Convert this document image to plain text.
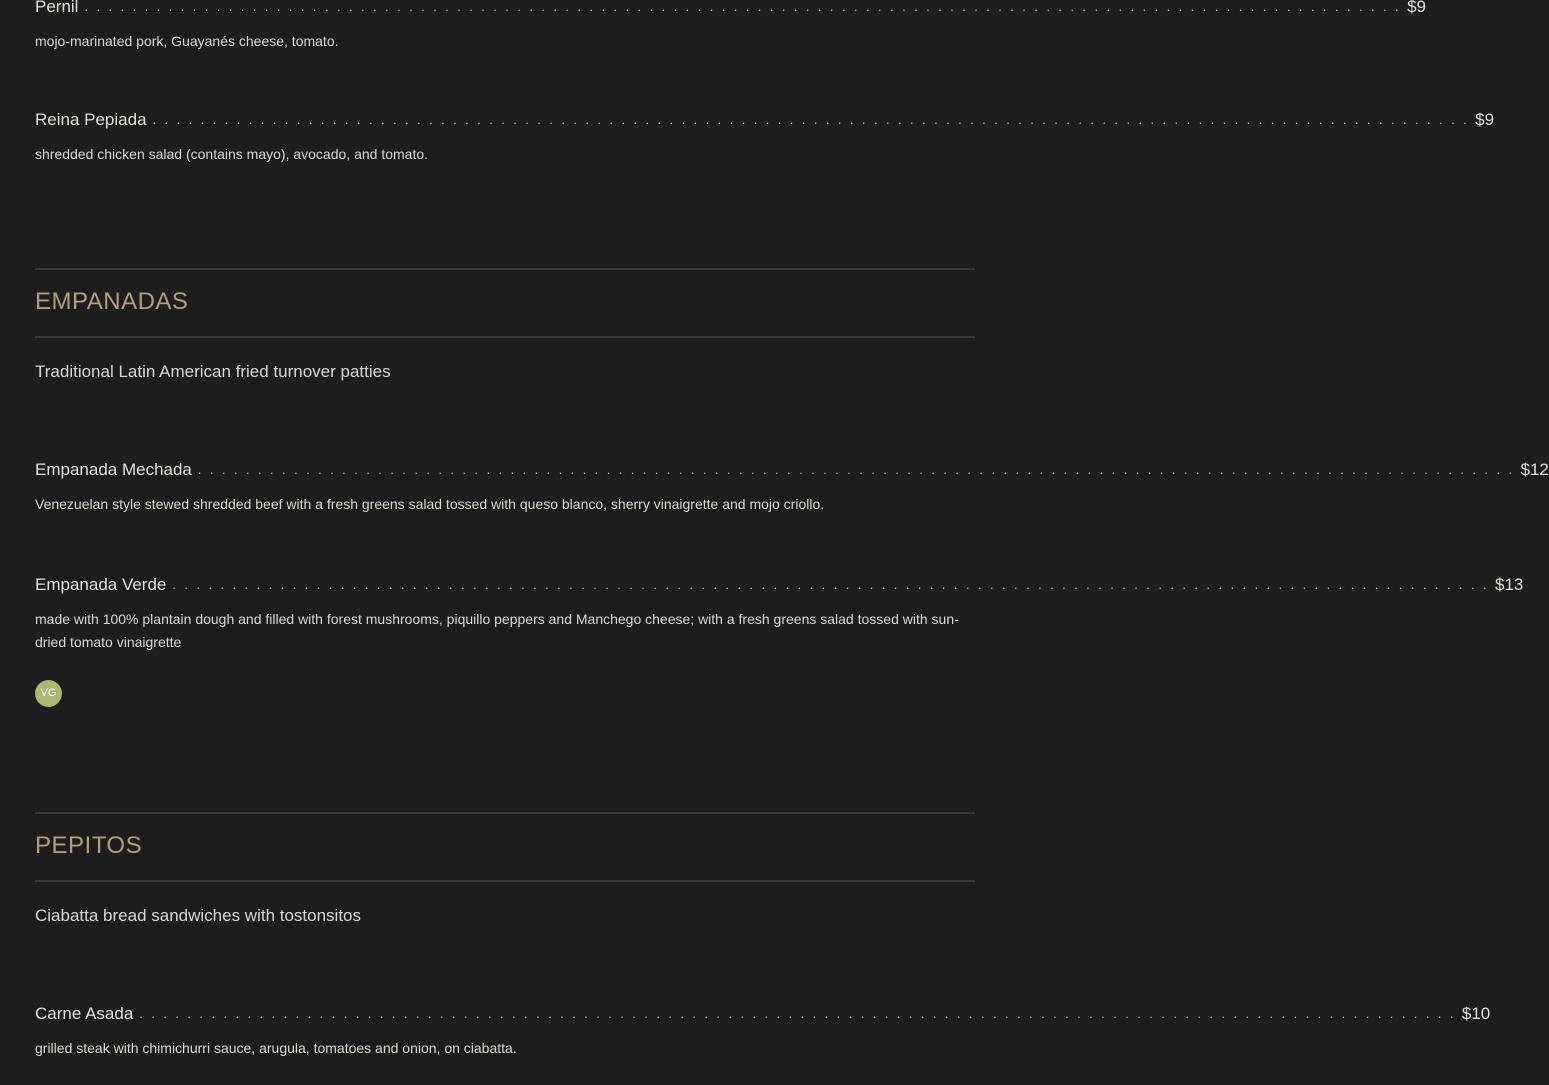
Pernil . . . . . . . . . . . . . . . . . . . . . . . . . . . . . . . . . . . . . . . . . . . . . . . . . . . . . . . . . . . . . . . . . . . . . . . . . . . . . . . . . . . . . . . . . . . . . . . . . . . . . . . . . . . . . . $9
mojo-marinated pork, Guayanés cheese, tomato.
Reina Pepiada . . . . . . . . . . . . . . . . . . . . . . . . . . . . . . . . . . . . . . . . . . . . . . . . . . . . . . . . . . . . . . . . . . . . . . . . . . . . . . . . . . . . . . . . . . . . . . . . . . . . . . . . . . . . . . $9
shredded chicken salad (contains mayo), avocado, and tomato.
EMPANADAS
Traditional Latin American fried turnover patties
Empanada Mechada . . . . . . . . . . . . . . . . . . . . . . . . . . . . . . . . . . . . . . . . . . . . . . . . . . . . . . . . . . . . . . . . . . . . . . . . . . . . . . . . . . . . . . . . . . . . . . . . . . . . . . . . . . . . . . $12
Venezuelan style stewed shredded beef with a fresh greens salad tossed with queso blanco, sherry vinaigrette and mojo criollo.
Empanada Verde . . . . . . . . . . . . . . . . . . . . . . . . . . . . . . . . . . . . . . . . . . . . . . . . . . . . . . . . . . . . . . . . . . . . . . . . . . . . . . . . . . . . . . . . . . . . . . . . . . . . . . . . . . . . . . $13
made with 100% plantain dough and filled with forest mushrooms, piquillo peppers and Manchego cheese; with a fresh greens salad tossed with sun-dried tomato vinaigrette
VG
PEPITOS
Ciabatta bread sandwiches with tostonsitos
Carne Asada . . . . . . . . . . . . . . . . . . . . . . . . . . . . . . . . . . . . . . . . . . . . . . . . . . . . . . . . . . . . . . . . . . . . . . . . . . . . . . . . . . . . . . . . . . . . . . . . . . . . . . . . . . . . . . $10
grilled steak with chimichurri sauce, arugula, tomatoes and onion, on ciabatta.
